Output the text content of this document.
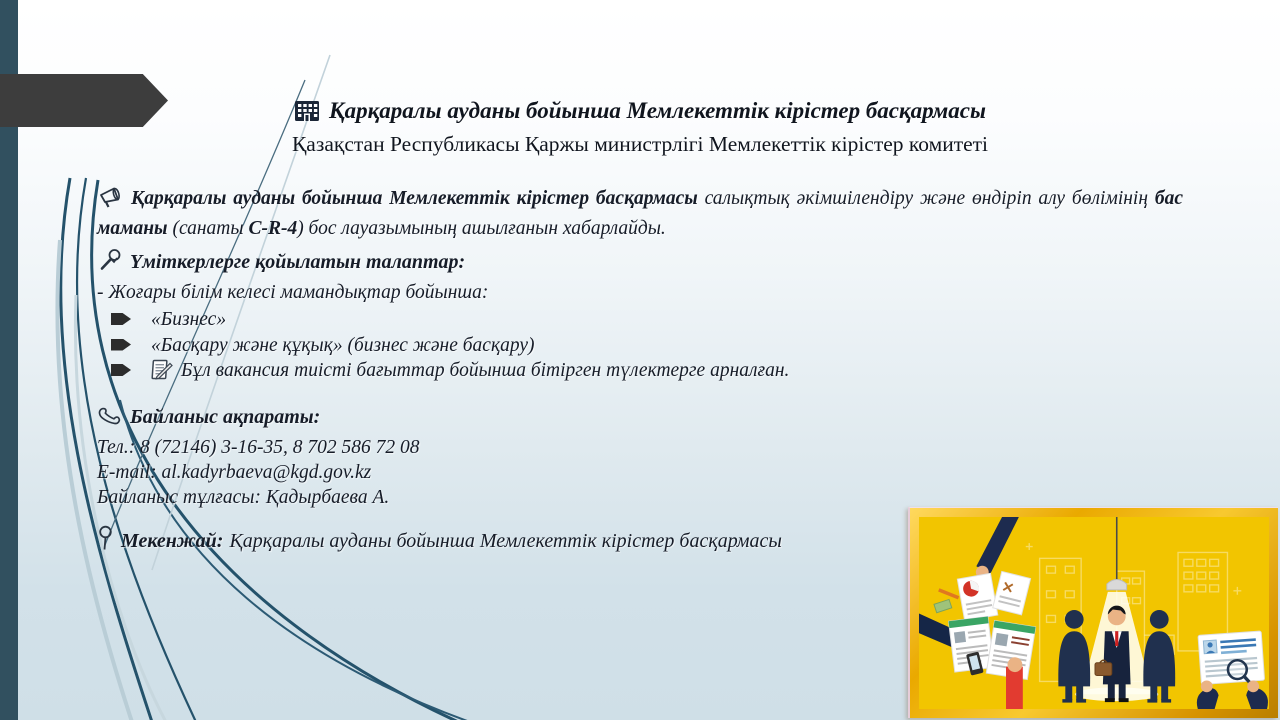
Қарқаралы ауданы бойынша Мемлекеттік кірістер басқармасы
Қазақстан Республикасы Қаржы министрлігі Мемлекеттік кірістер комитеті

Қарқаралы ауданы бойынша Мемлекеттік кірістер басқармасы салықтық әкімшілендіру және өндіріп алу бөлімінің бас маманы (санаты C-R-4) бос лауазымының ашылғанын хабарлайды.

Үміткерлерге қойылатын талаптар:

- Жоғары білім келесі мамандықтар бойынша:

«Бизнес»
«Басқару және құқық» (бизнес және басқару)
Бұл вакансия тиісті бағыттар бойынша бітірген түлектерге арналған.

Байланыс ақпараты:

Тел.: 8 (72146) 3-16-35, 8 702 586 72 08

E-mail: al.kadyrbaeva@kgd.gov.kz

Байланыс тұлғасы: Қадырбаева А.

Мекенжай: Қарқаралы ауданы бойынша Мемлекеттік кірістер басқармасы
